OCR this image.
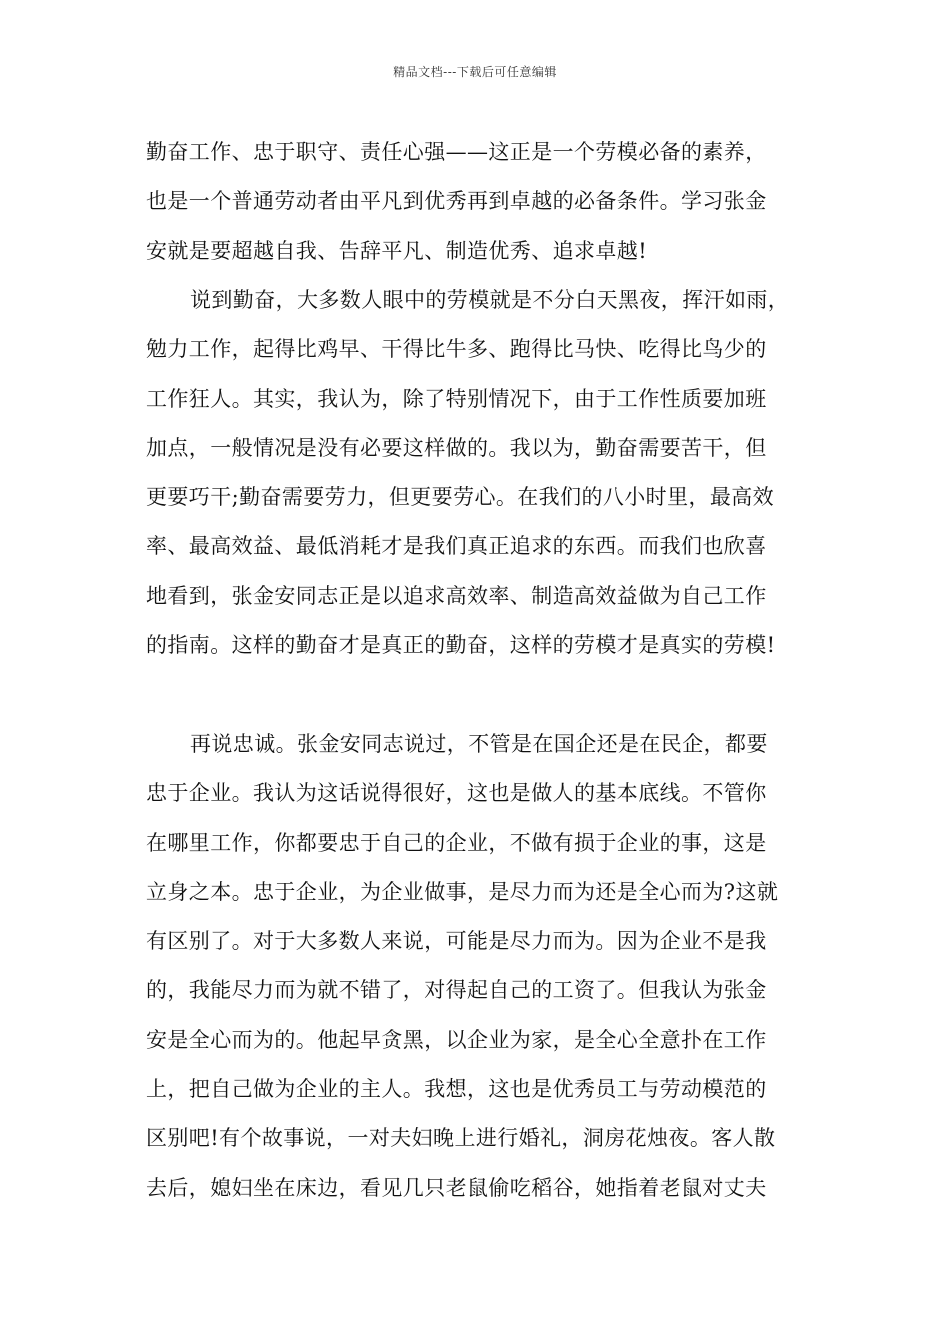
精品文档---下载后可任意编辑
勤奋工作、忠于职守、责任心强——这正是一个劳模必备的素养，
也是一个普通劳动者由平凡到优秀再到卓越的必备条件。学习张金
安就是要超越自我、告辞平凡、制造优秀、追求卓越!
说到勤奋，大多数人眼中的劳模就是不分白天黑夜，挥汗如雨，
勉力工作，起得比鸡早、干得比牛多、跑得比马快、吃得比鸟少的
工作狂人。其实，我认为，除了特别情况下，由于工作性质要加班
加点，一般情况是没有必要这样做的。我以为，勤奋需要苦干，但
更要巧干;勤奋需要劳力，但更要劳心。在我们的八小时里，最高效
率、最高效益、最低消耗才是我们真正追求的东西。而我们也欣喜
地看到，张金安同志正是以追求高效率、制造高效益做为自己工作
的指南。这样的勤奋才是真正的勤奋，这样的劳模才是真实的劳模!
再说忠诚。张金安同志说过，不管是在国企还是在民企，都要
忠于企业。我认为这话说得很好，这也是做人的基本底线。不管你
在哪里工作，你都要忠于自己的企业，不做有损于企业的事，这是
立身之本。忠于企业，为企业做事，是尽力而为还是全心而为?这就
有区别了。对于大多数人来说，可能是尽力而为。因为企业不是我
的，我能尽力而为就不错了，对得起自己的工资了。但我认为张金
安是全心而为的。他起早贪黑，以企业为家，是全心全意扑在工作
上，把自己做为企业的主人。我想，这也是优秀员工与劳动模范的
区别吧!有个故事说，一对夫妇晚上进行婚礼，洞房花烛夜。客人散
去后，媳妇坐在床边，看见几只老鼠偷吃稻谷，她指着老鼠对丈夫
